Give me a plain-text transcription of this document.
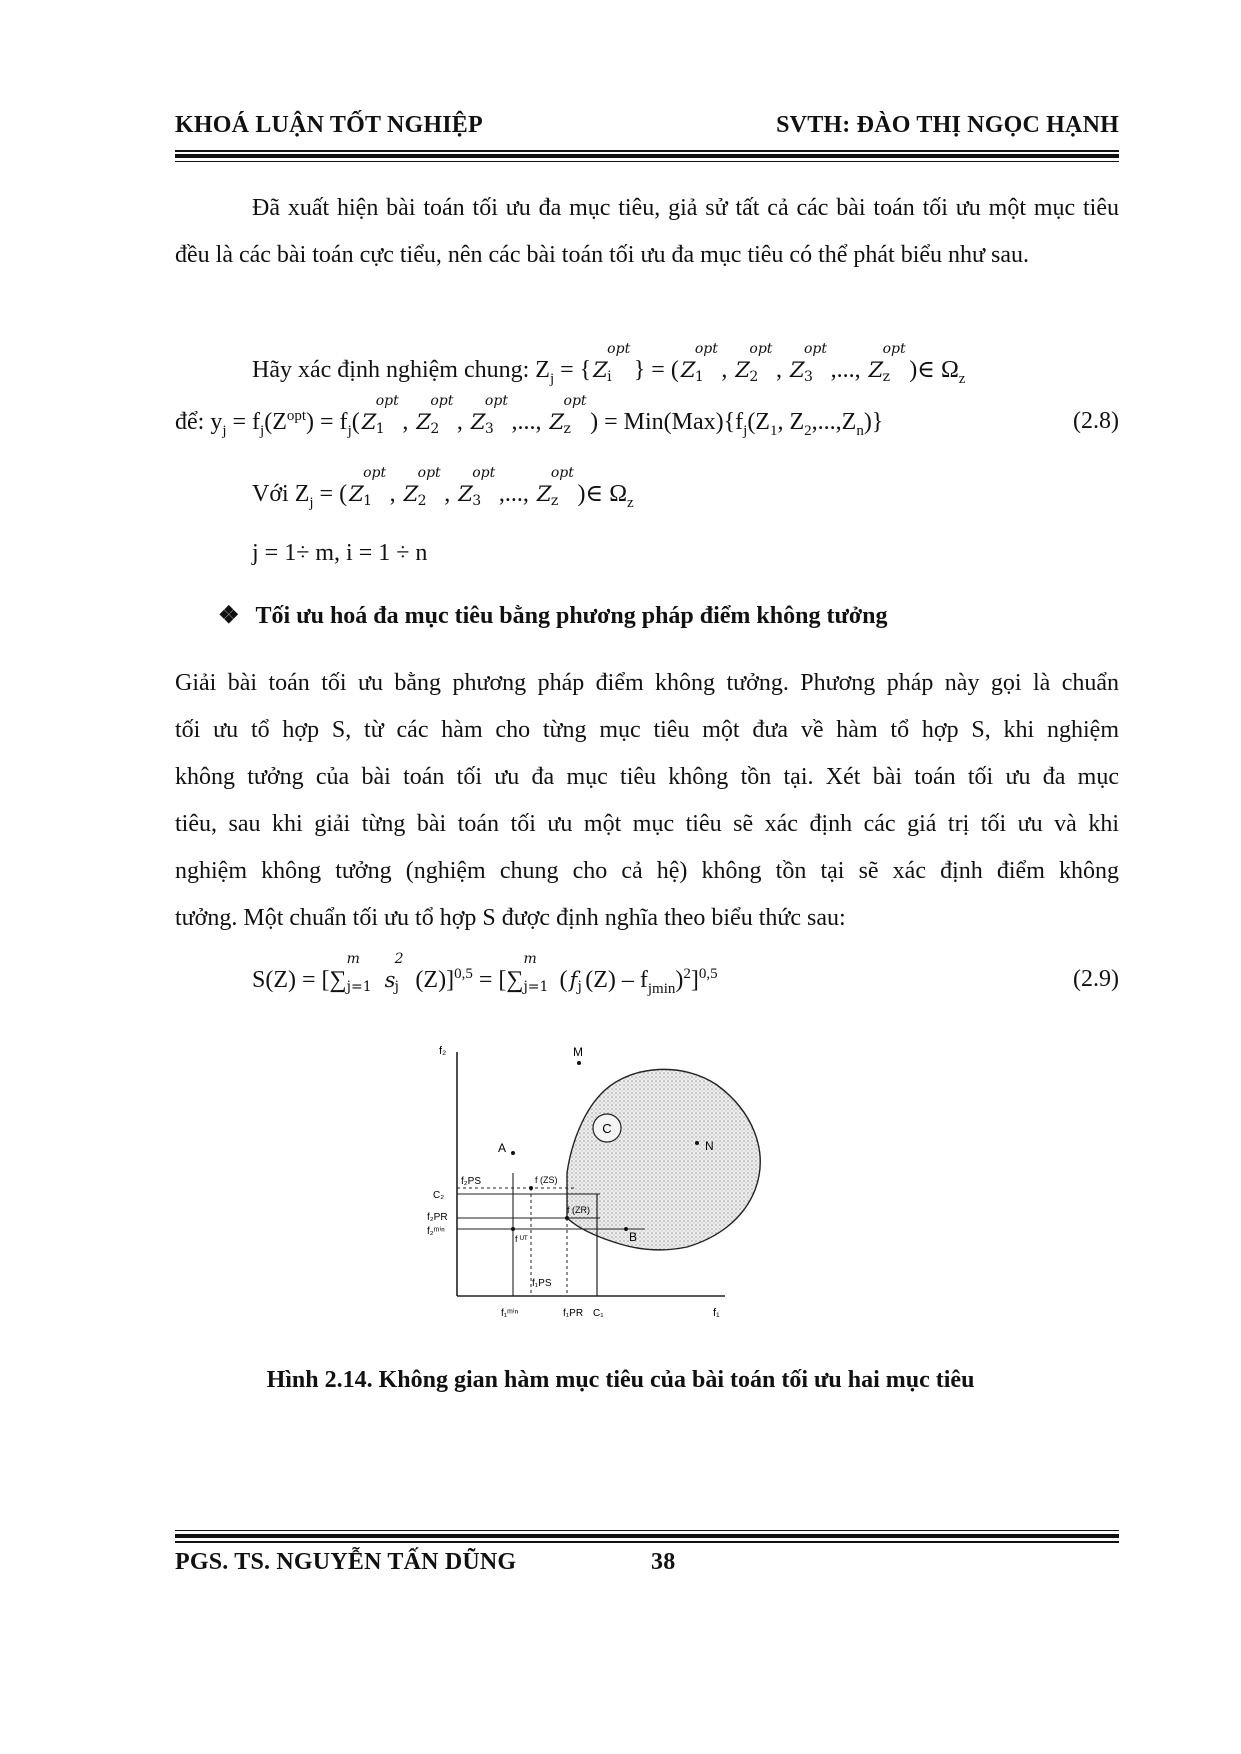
KHOÁ LUẬN TỐT NGHIỆP	SVTH: ĐÀO THỊ NGỌC HẠNH
Đã xuất hiện bài toán tối ưu đa mục tiêu, giả sử tất cả các bài toán tối ưu một mục tiêu đều là các bài toán cực tiểu, nên các bài toán tối ưu đa mục tiêu có thể phát biểu như sau.
Hãy xác định nghiệm chung: $Z_j = \{Z$
opt
i } = (Z
opt
1 , Z
opt
2 , Z
opt
3 ,..., Z
opt
z )∈ $\Omega_z$
để: $y_j = f_j(Z^{opt}) = f_j(Z$
opt
1 , Z
opt
2 , Z
opt
3 ,..., Z
opt
z ) = $Min(Max)\{f_j(Z_1$, $Z_2,...,Z_n$)}	(2.8)
Với $Z_j = (Z$
opt
1 , Z
opt
2 , Z
opt
3 ,..., Z
opt
z )∈ $\Omega_z$
j = 1÷ m, i = 1 ÷ n
❖ Tối ưu hoá đa mục tiêu bằng phương pháp điểm không tưởng
Giải bài toán tối ưu bằng phương pháp điểm không tưởng. Phương pháp này gọi là chuẩn
tối ưu tổ hợp S, từ các hàm cho từng mục tiêu một đưa về hàm tổ hợp S, khi nghiệm
không tưởng của bài toán tối ưu đa mục tiêu không tồn tại. Xét bài toán tối ưu đa mục
tiêu, sau khi giải từng bài toán tối ưu một mục tiêu sẽ xác định các giá trị tối ưu và khi
nghiệm không tưởng (nghiệm chung cho cả hệ) không tồn tại sẽ xác định điểm không
tưởng. Một chuẩn tối ưu tổ hợp S được định nghĩa theo biểu thức sau:
S(Z) = [∑
m
j=1 s
2
j (Z)]$^{0,5}$ = [∑
m
j=1 (f j $(Z) - f_{jmin})^2]^{0,5}$	(2.9)
C
f₂
f₁
M
N
A
B
C₂
f₂PS
f₂PR
f₂ᵐⁱⁿ
f (ZS)
f (ZR)
f ᵁᵀ
f₁PS
f₁ᵐⁱⁿ	f₁PR C₁
Hình 2.14. Không gian hàm mục tiêu của bài toán tối ưu hai mục tiêu
PGS. TS. NGUYỄN TẤN DŨNG	38
